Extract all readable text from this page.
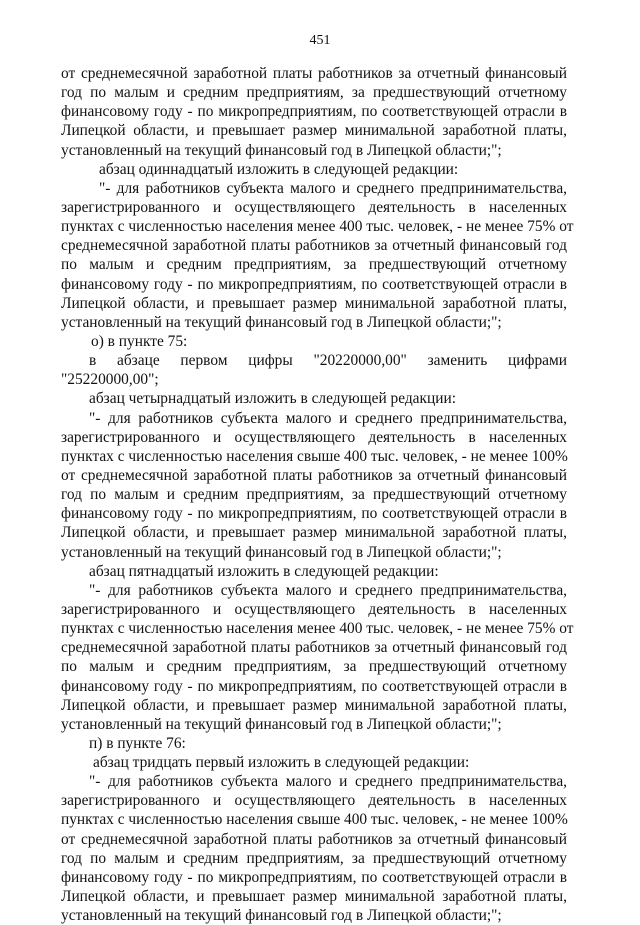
451
от среднемесячной заработной платы работников за отчетный финансовый
год по малым и средним предприятиям, за предшествующий отчетному
финансовому году - по микропредприятиям, по соответствующей отрасли в
Липецкой области, и превышает размер минимальной заработной платы,
установленный на текущий финансовый год в Липецкой области;";
абзац одиннадцатый изложить в следующей редакции:
"- для работников субъекта малого и среднего предпринимательства,
зарегистрированного и осуществляющего деятельность в населенных
пунктах с численностью населения менее 400 тыс. человек, - не менее 75% от
среднемесячной заработной платы работников за отчетный финансовый год
по малым и средним предприятиям, за предшествующий отчетному
финансовому году - по микропредприятиям, по соответствующей отрасли в
Липецкой области, и превышает размер минимальной заработной платы,
установленный на текущий финансовый год в Липецкой области;";
о) в пункте 75:
в абзаце первом цифры "20220000,00" заменить цифрами
"25220000,00";
абзац четырнадцатый изложить в следующей редакции:
"- для работников субъекта малого и среднего предпринимательства,
зарегистрированного и осуществляющего деятельность в населенных
пунктах с численностью населения свыше 400 тыс. человек, - не менее 100%
от среднемесячной заработной платы работников за отчетный финансовый
год по малым и средним предприятиям, за предшествующий отчетному
финансовому году - по микропредприятиям, по соответствующей отрасли в
Липецкой области, и превышает размер минимальной заработной платы,
установленный на текущий финансовый год в Липецкой области;";
абзац пятнадцатый изложить в следующей редакции:
"- для работников субъекта малого и среднего предпринимательства,
зарегистрированного и осуществляющего деятельность в населенных
пунктах с численностью населения менее 400 тыс. человек, - не менее 75% от
среднемесячной заработной платы работников за отчетный финансовый год
по малым и средним предприятиям, за предшествующий отчетному
финансовому году - по микропредприятиям, по соответствующей отрасли в
Липецкой области, и превышает размер минимальной заработной платы,
установленный на текущий финансовый год в Липецкой области;";
п) в пункте 76:
абзац тридцать первый изложить в следующей редакции:
"- для работников субъекта малого и среднего предпринимательства,
зарегистрированного и осуществляющего деятельность в населенных
пунктах с численностью населения свыше 400 тыс. человек, - не менее 100%
от среднемесячной заработной платы работников за отчетный финансовый
год по малым и средним предприятиям, за предшествующий отчетному
финансовому году - по микропредприятиям, по соответствующей отрасли в
Липецкой области, и превышает размер минимальной заработной платы,
установленный на текущий финансовый год в Липецкой области;";
